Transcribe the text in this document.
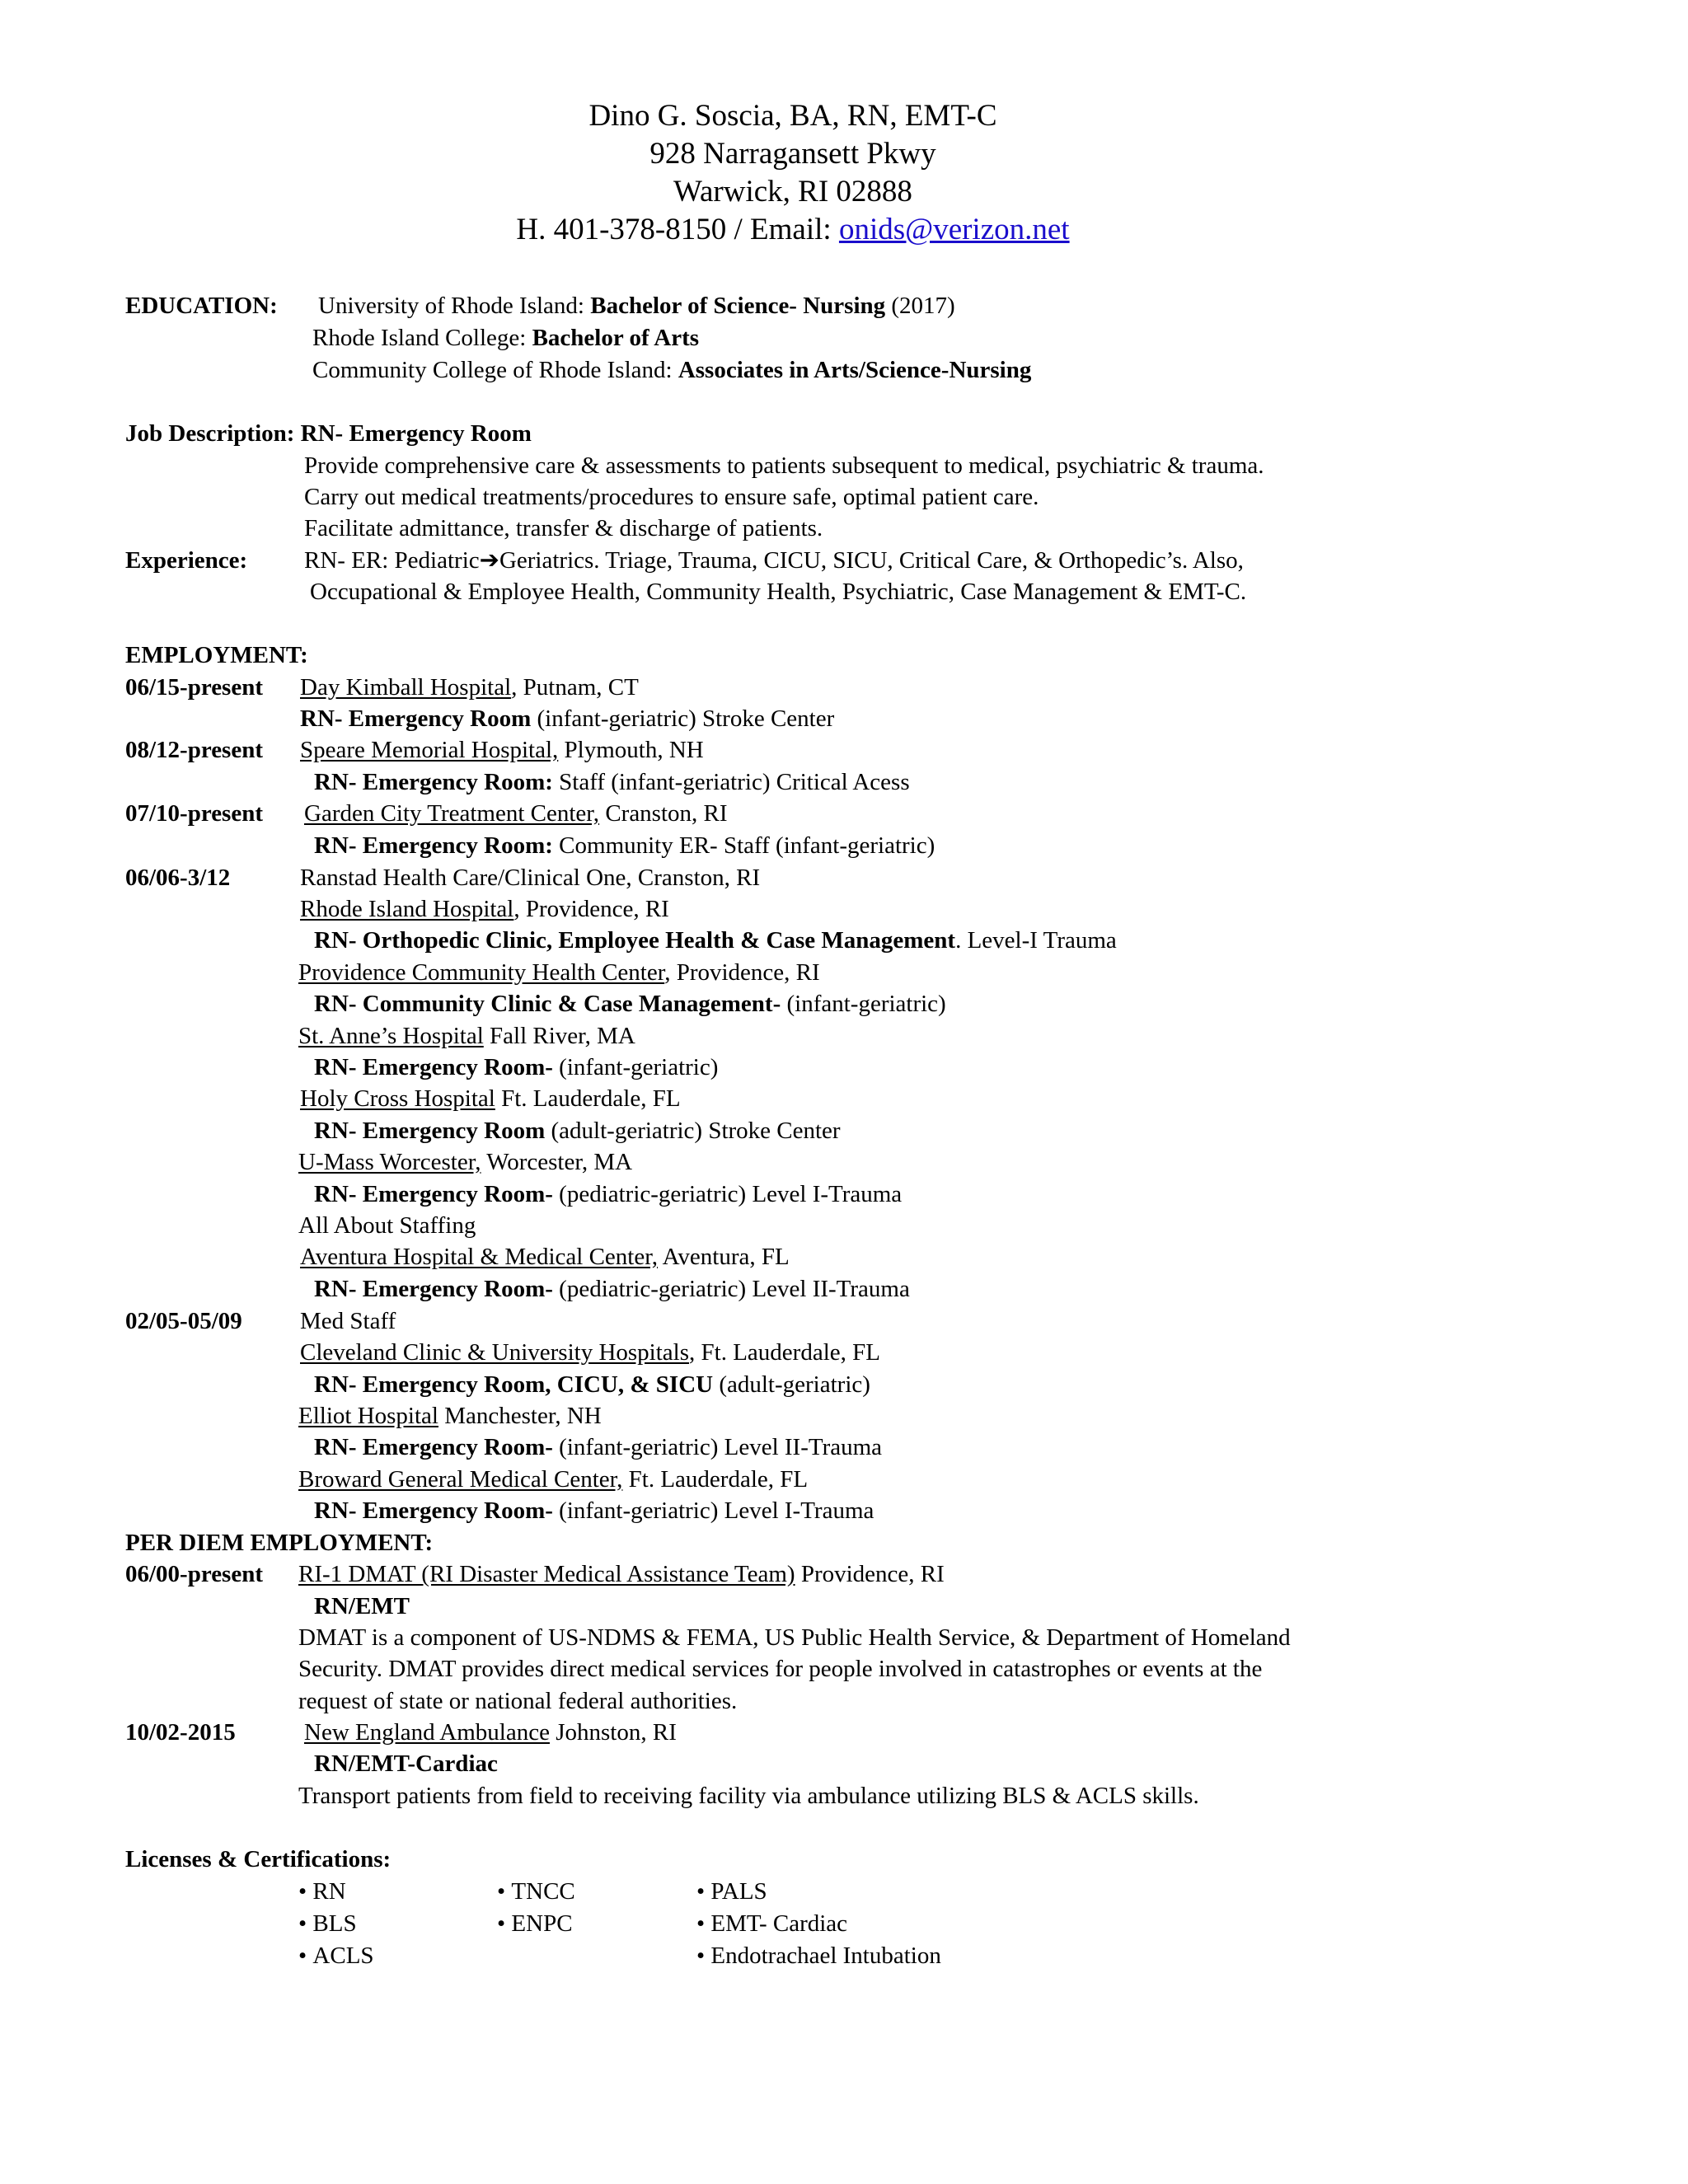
Dino G. Soscia, BA, RN, EMT-C
928 Narragansett Pkwy
Warwick, RI 02888
H. 401-378-8150 / Email: onids@verizon.net
EDUCATION: University of Rhode Island: Bachelor of Science- Nursing (2017)
Rhode Island College: Bachelor of Arts
Community College of Rhode Island: Associates in Arts/Science-Nursing
Job Description: RN- Emergency Room
Provide comprehensive care & assessments to patients subsequent to medical, psychiatric & trauma.
Carry out medical treatments/procedures to ensure safe, optimal patient care.
Facilitate admittance, transfer & discharge of patients.
Experience: RN- ER: Pediatric➔Geriatrics. Triage, Trauma, CICU, SICU, Critical Care, & Orthopedic’s. Also,
Occupational & Employee Health, Community Health, Psychiatric, Case Management & EMT-C.
EMPLOYMENT:
06/15-present Day Kimball Hospital, Putnam, CT
RN- Emergency Room (infant-geriatric) Stroke Center
08/12-present Speare Memorial Hospital, Plymouth, NH
RN- Emergency Room: Staff (infant-geriatric) Critical Acess
07/10-present Garden City Treatment Center, Cranston, RI
RN- Emergency Room: Community ER- Staff (infant-geriatric)
06/06-3/12	Ranstad Health Care/Clinical One, Cranston, RI
Rhode Island Hospital, Providence, RI
RN- Orthopedic Clinic, Employee Health & Case Management. Level-I Trauma
Providence Community Health Center, Providence, RI
RN- Community Clinic & Case Management- (infant-geriatric)
St. Anne’s Hospital Fall River, MA
RN- Emergency Room- (infant-geriatric)
Holy Cross Hospital Ft. Lauderdale, FL
RN- Emergency Room (adult-geriatric) Stroke Center
U-Mass Worcester, Worcester, MA
RN- Emergency Room- (pediatric-geriatric) Level I-Trauma
All About Staffing
Aventura Hospital & Medical Center, Aventura, FL
RN- Emergency Room- (pediatric-geriatric) Level II-Trauma
02/05-05/09 Med Staff
Cleveland Clinic & University Hospitals, Ft. Lauderdale, FL
RN- Emergency Room, CICU, & SICU (adult-geriatric)
Elliot Hospital Manchester, NH
RN- Emergency Room- (infant-geriatric) Level II-Trauma
Broward General Medical Center, Ft. Lauderdale, FL
RN- Emergency Room- (infant-geriatric) Level I-Trauma
PER DIEM EMPLOYMENT:
06/00-present RI-1 DMAT (RI Disaster Medical Assistance Team) Providence, RI
RN/EMT
DMAT is a component of US-NDMS & FEMA, US Public Health Service, & Department of Homeland
Security. DMAT provides direct medical services for people involved in catastrophes or events at the
request of state or national federal authorities.
10/02-2015	New England Ambulance Johnston, RI
RN/EMT-Cardiac
Transport patients from field to receiving facility via ambulance utilizing BLS & ACLS skills.
Licenses & Certifications:
• RN
• BLS
• ACLS
• TNCC
• ENPC
• PALS
• EMT- Cardiac
• Endotrachael Intubation
